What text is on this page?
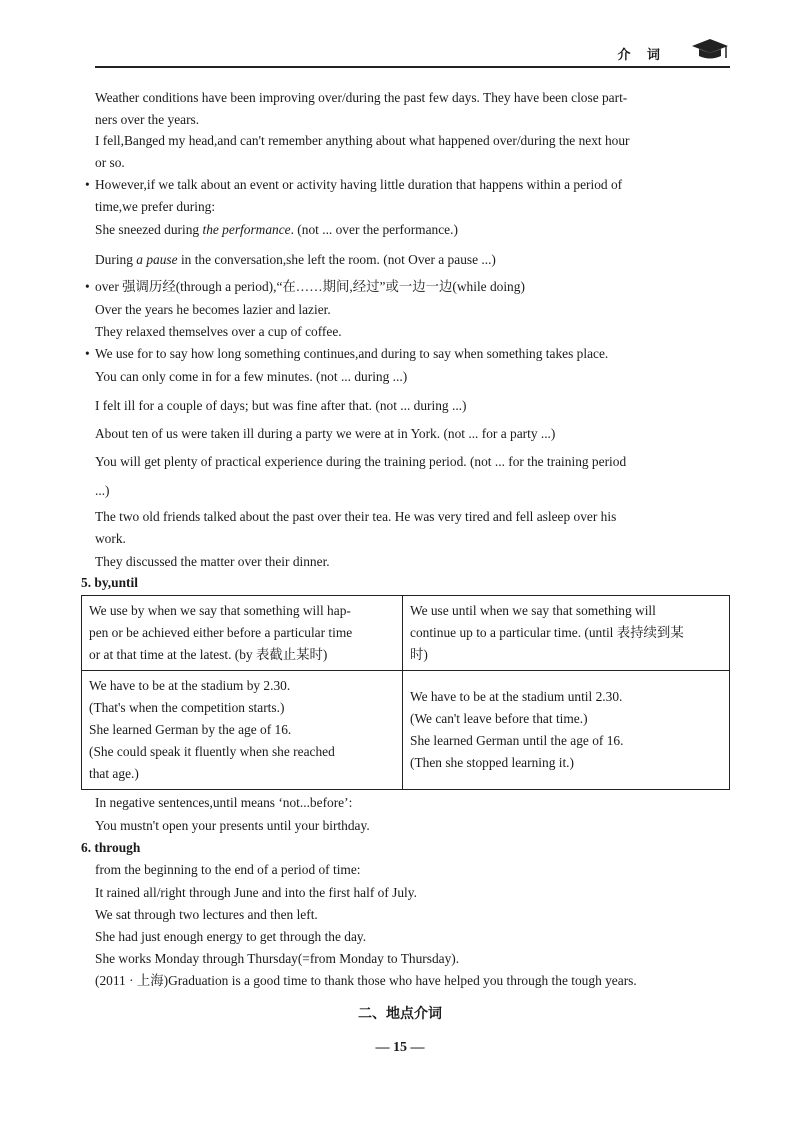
介 词
Weather conditions have been improving over/during the past few days. They have been close part-
ners over the years.
I fell,Banged my head,and can't remember anything about what happened over/during the next hour
or so.
• However,if we talk about an event or activity having little duration that happens within a period of
time,we prefer during:
She sneezed during the performance. (not ... over the performance.)
During a pause in the conversation,she left the room. (not Over a pause ...)
• over 强调历经(through a period),“在……期间,经过”或一边一边(while doing)
Over the years he becomes lazier and lazier.
They relaxed themselves over a cup of coffee.
• We use for to say how long something continues,and during to say when something takes place.
You can only come in for a few minutes. (not ... during ...)
I felt ill for a couple of days; but was fine after that. (not ... during ...)
About ten of us were taken ill during a party we were at in York. (not ... for a party ...)
You will get plenty of practical experience during the training period. (not ... for the training period
...)
The two old friends talked about the past over their tea. He was very tired and fell asleep over his
work.
They discussed the matter over their dinner.
5. by,until
We use by when we say that something will hap-
pen or be achieved either before a particular time
or at that time at the latest. (by 表截止某时)	We use until when we say that something will
continue up to a particular time. (until 表持续到某
时)

We have to be at the stadium by 2.30.
(That's when the competition starts.)
She learned German by the age of 16.
(She could speak it fluently when she reached
that age.)	We have to be at the stadium until 2.30.
(We can't leave before that time.)
She learned German until the age of 16.
(Then she stopped learning it.)
In negative sentences,until means ‘not...before’:
You mustn't open your presents until your birthday.
6. through
from the beginning to the end of a period of time:
It rained all/right through June and into the first half of July.
We sat through two lectures and then left.
She had just enough energy to get through the day.
She works Monday through Thursday(=from Monday to Thursday).
(2011 · 上海)Graduation is a good time to thank those who have helped you through the tough years.
二、地点介词
— 15 —
